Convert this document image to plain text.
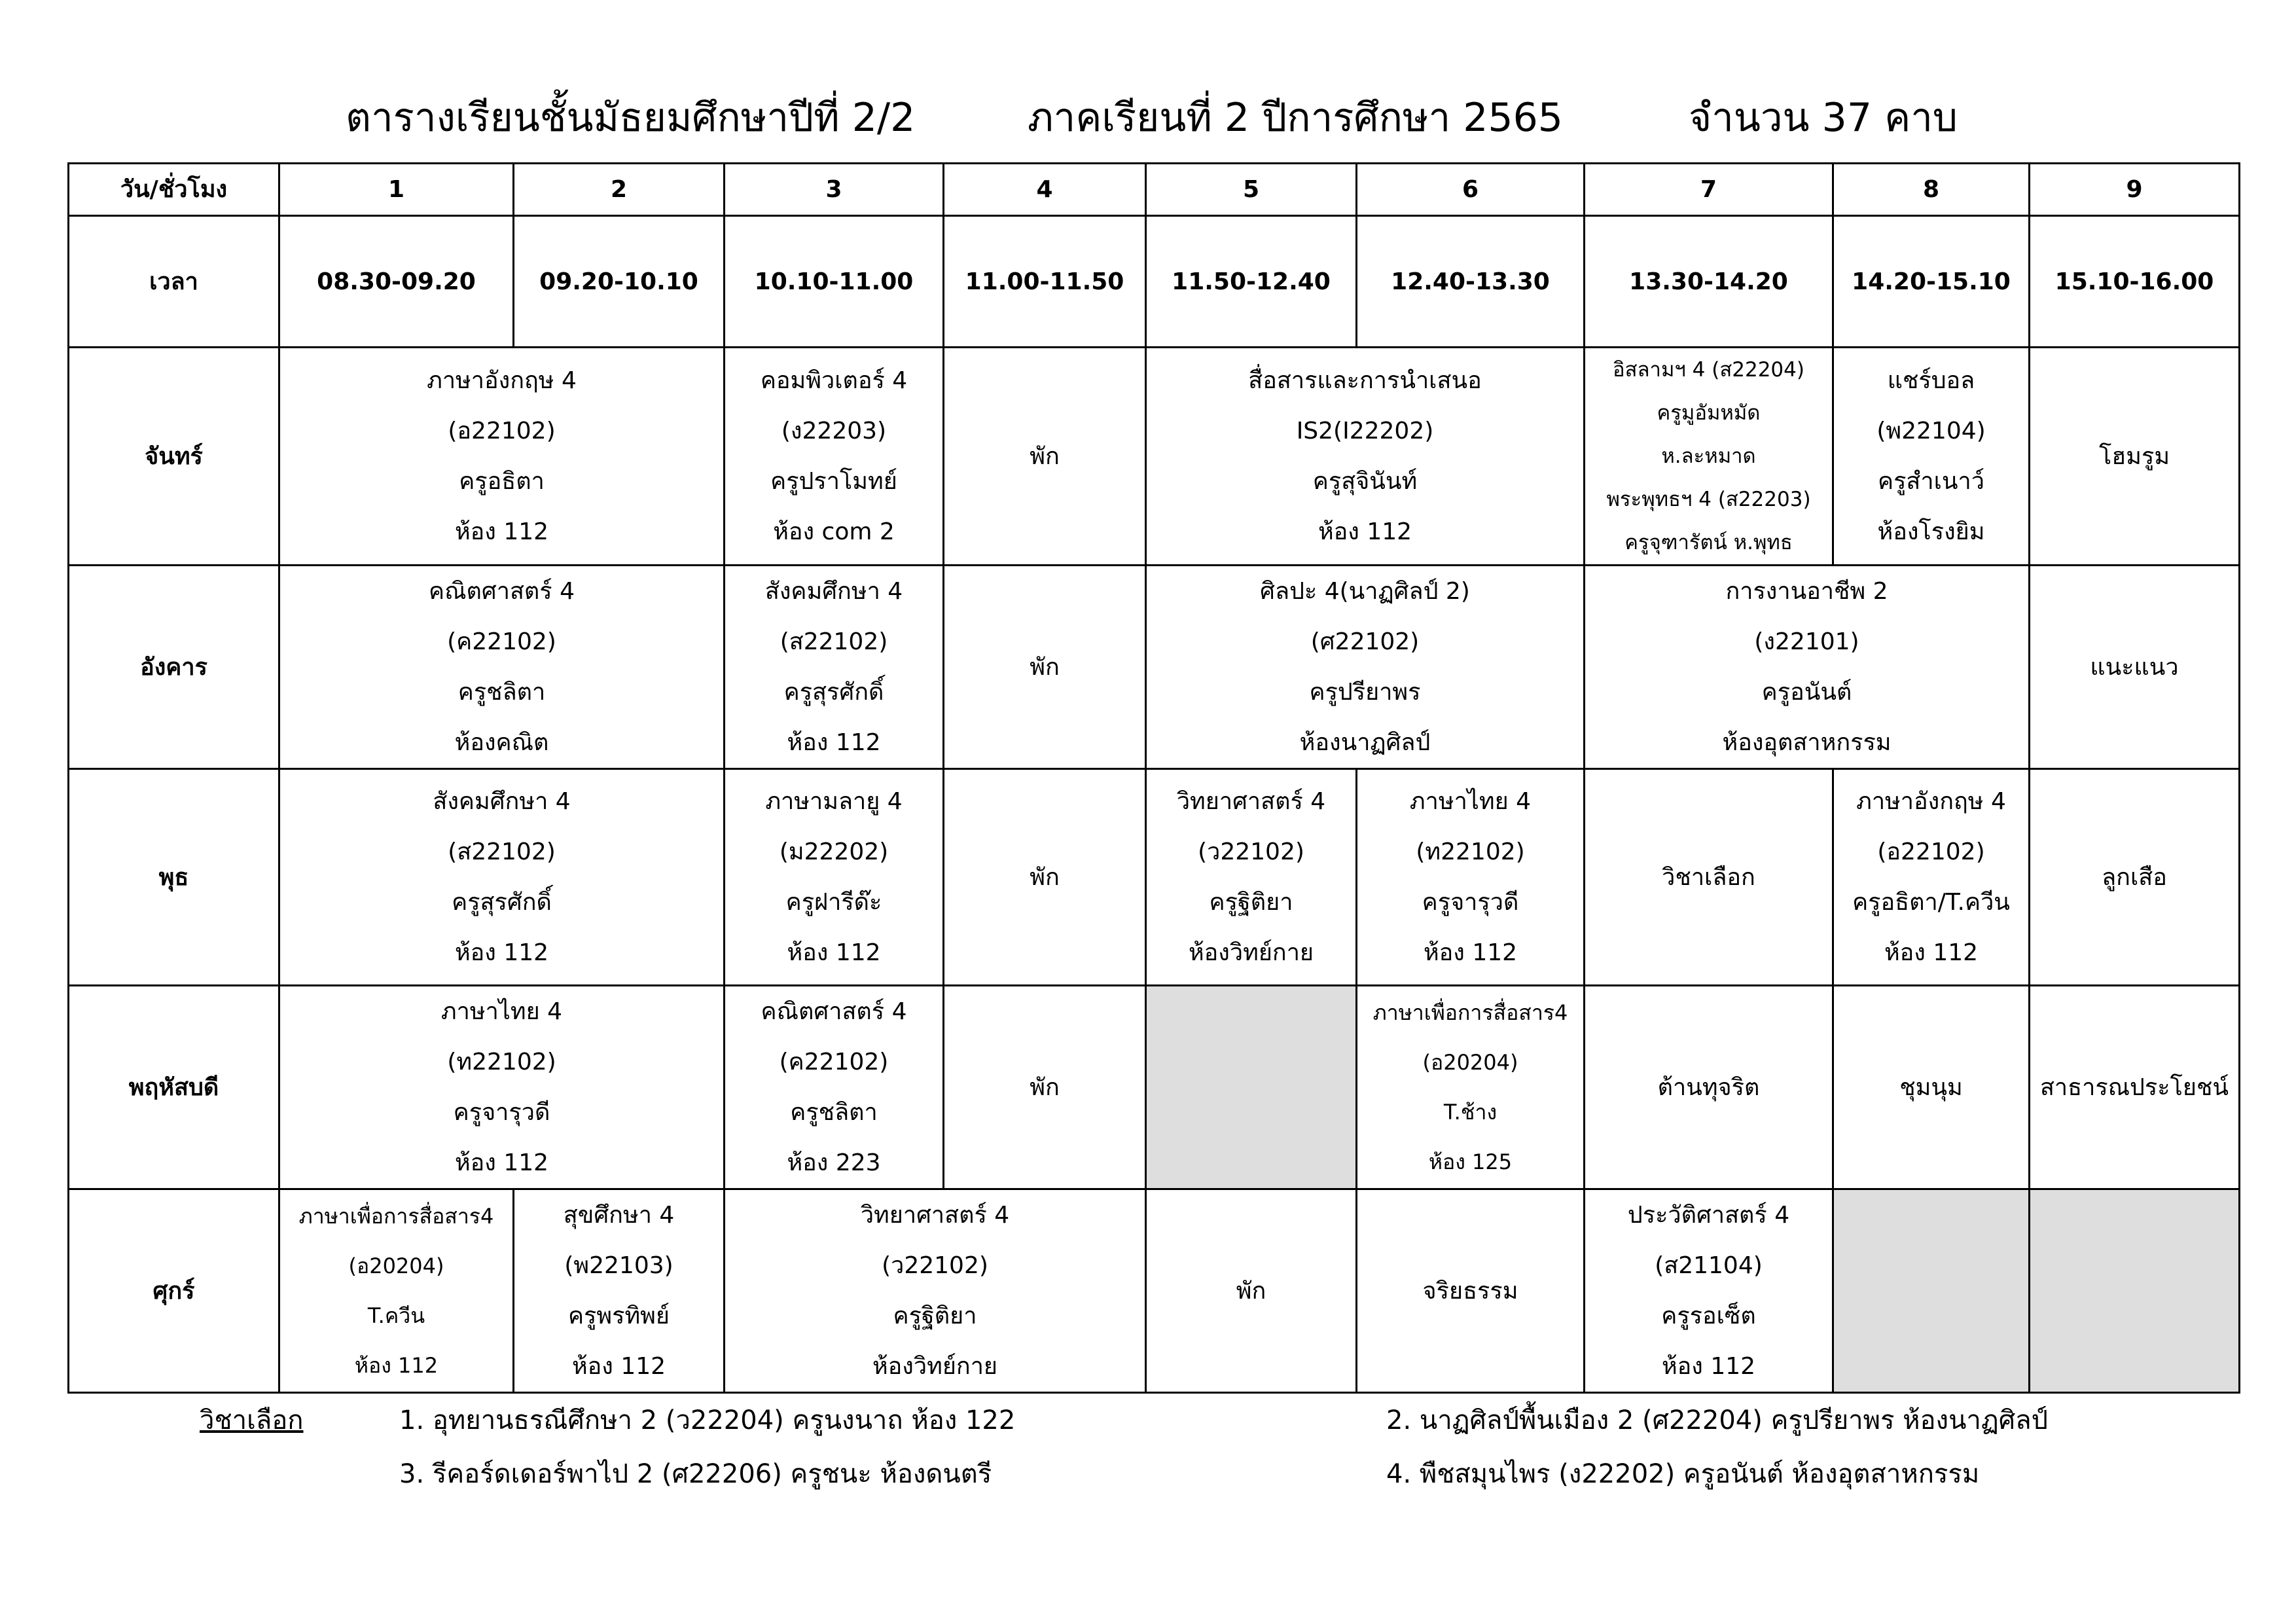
ตารางเรียนชั้นมัธยมศึกษาปีที่ 2/2	ภาคเรียนที่ 2 ปีการศึกษา 2565	จำนวน 37 คาบ
วัน/ชั่วโมง	1	2	3	4	5	6	7	8	9
เวลา	08.30-09.20	09.20-10.10	10.10-11.00	11.00-11.50	11.50-12.40	12.40-13.30	13.30-14.20	14.20-15.10	15.10-16.00
จันทร์	ภาษาอังกฤษ 4
(อ22102)
ครูอธิตา
ห้อง 112		คอมพิวเตอร์ 4
(ง22203)
ครูปราโมทย์
ห้อง com 2	พัก	สื่อสารและการนำเสนอ
IS2(I22202)
ครูสุจินันท์
ห้อง 112		อิสลามฯ 4 (ส22204)
ครูมูอัมหมัด
ห.ละหมาด
พระพุทธฯ 4 (ส22203)
ครูจุฑารัตน์ ห.พุทธ	แชร์บอล
(พ22104)
ครูสำเนาว์
ห้องโรงยิม	โฮมรูม
อังคาร	คณิตศาสตร์ 4
(ค22102)
ครูชลิตา
ห้องคณิต		สังคมศึกษา 4
(ส22102)
ครูสุรศักดิ์
ห้อง 112	พัก	ศิลปะ 4(นาฏศิลป์ 2)
(ศ22102)
ครูปรียาพร
ห้องนาฏศิลป์		การงานอาชีพ 2
(ง22101)
ครูอนันต์
ห้องอุตสาหกรรม		แนะแนว
พุธ	สังคมศึกษา 4
(ส22102)
ครูสุรศักดิ์
ห้อง 112		ภาษามลายู 4
(ม22202)
ครูฝารีด๊ะ
ห้อง 112	พัก	วิทยาศาสตร์ 4
(ว22102)
ครูฐิติยา
ห้องวิทย์กาย	ภาษาไทย 4
(ท22102)
ครูจารุวดี
ห้อง 112	วิชาเลือก	ภาษาอังกฤษ 4
(อ22102)
ครูอธิตา/T.ควีน
ห้อง 112	ลูกเสือ
พฤหัสบดี	ภาษาไทย 4
(ท22102)
ครูจารุวดี
ห้อง 112		คณิตศาสตร์ 4
(ค22102)
ครูชลิตา
ห้อง 223	พัก		ภาษาเพื่อการสื่อสาร4
(อ20204)
T.ช้าง
ห้อง 125	ต้านทุจริต	ชุมนุม	สาธารณประโยชน์
ศุกร์	ภาษาเพื่อการสื่อสาร4
(อ20204)
T.ควีน
ห้อง 112	สุขศึกษา 4
(พ22103)
ครูพรทิพย์
ห้อง 112	วิทยาศาสตร์ 4
(ว22102)
ครูฐิติยา
ห้องวิทย์กาย		พัก	จริยธรรม	ประวัติศาสตร์ 4
(ส21104)
ครูรอเซ็ต
ห้อง 112		

วิชาเลือก	1. อุทยานธรณีศึกษา 2 (ว22204) ครูนงนาถ ห้อง 122	2. นาฏศิลป์พื้นเมือง 2 (ศ22204) ครูปรียาพร ห้องนาฏศิลป์
3. รีคอร์ดเดอร์พาไป 2 (ศ22206) ครูชนะ ห้องดนตรี	4. พืชสมุนไพร (ง22202) ครูอนันต์ ห้องอุตสาหกรรม
